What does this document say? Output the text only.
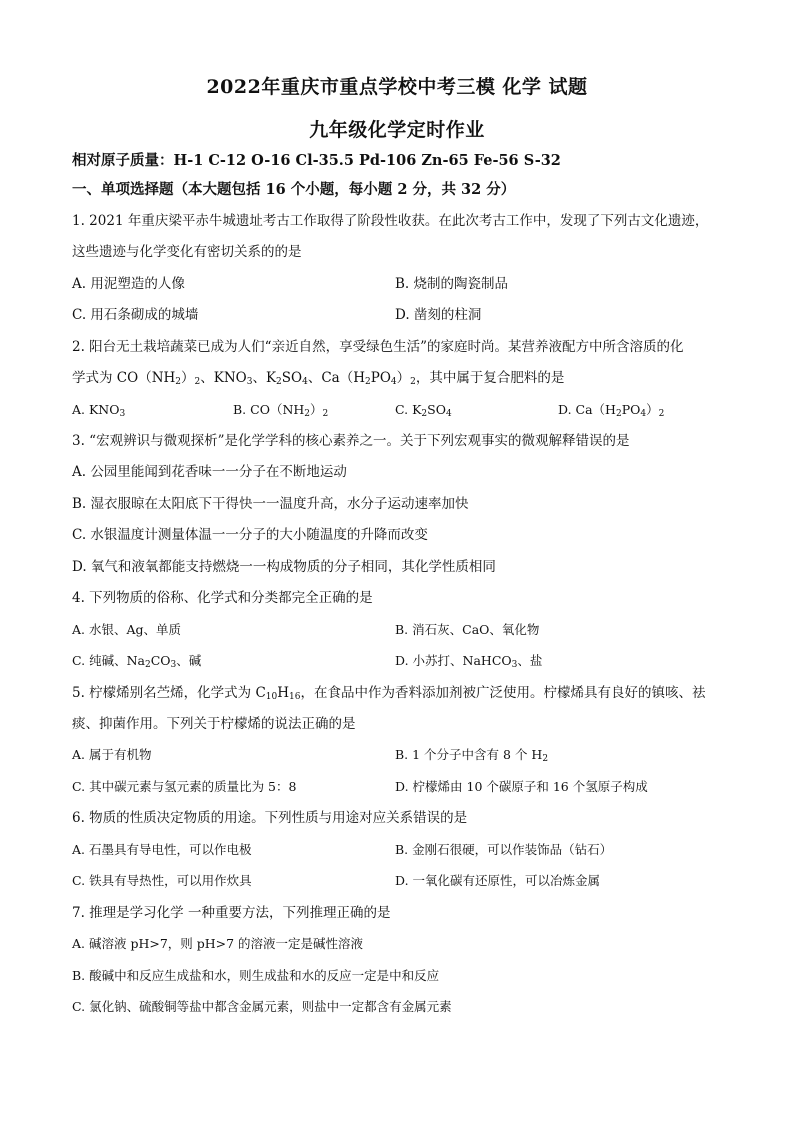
2022年重庆市重点学校中考三模 化学 试题
九年级化学定时作业
相对原子质量：H-1 C-12 O-16 Cl-35.5 Pd-106 Zn-65 Fe-56 S-32
一、单项选择题（本大题包括 16 个小题，每小题 2 分，共 32 分）
1. 2021 年重庆梁平赤牛城遗址考古工作取得了阶段性收获。在此次考古工作中，发现了下列古文化遗迹，
这些遗迹与化学变化有密切关系的的是
A. 用泥塑造的人像	B. 烧制的陶瓷制品
C. 用石条砌成的城墙	D. 凿刻的柱洞
2. 阳台无土栽培蔬菜已成为人们“亲近自然，享受绿色生活”的家庭时尚。某营养液配方中所含溶质的化
学式为 $CO(NH_2)_2$、$KNO_3$、$K_2SO_4$、$Ca(H_2PO_4)_2$，其中属于复合肥料的是
A. $KNO_3$	B. $CO(NH_2)_2$	C. $K_2SO_4$	D. $Ca(H_2PO_4)_2$
3. “宏观辨识与微观探析”是化学学科的核心素养之一。关于下列宏观事实的微观解释错误的是
A. 公园里能闻到花香味一一分子在不断地运动
B. 湿衣服晾在太阳底下干得快一一温度升高，水分子运动速率加快
C. 水银温度计测量体温一一分子的大小随温度的升降而改变
D. 氧气和液氧都能支持燃烧一一构成物质的分子相同，其化学性质相同
4. 下列物质的俗称、化学式和分类都完全正确的是
A. 水银、Ag、单质	B. 消石灰、CaO、氧化物
C. 纯碱、$Na_2CO_3$、碱	D. 小苏打、NaHCO$_3$、盐
5. 柠檬烯别名苎烯，化学式为 $C_{10}H_{16}$，在食品中作为香料添加剂被广泛使用。柠檬烯具有良好的镇咳、祛
痰、抑菌作用。下列关于柠檬烯的说法正确的是
A. 属于有机物	B. 1 个分子中含有 8 个 $H_2$
C. 其中碳元素与氢元素的质量比为 5：8	D. 柠檬烯由 10 个碳原子和 16 个氢原子构成
6. 物质的性质决定物质的用途。下列性质与用途对应关系错误的是
A. 石墨具有导电性，可以作电极	B. 金刚石很硬，可以作装饰品（钻石）
C. 铁具有导热性，可以用作炊具	D. 一氧化碳有还原性，可以冶炼金属
7. 推理是学习化学 一种重要方法，下列推理正确的是
A. 碱溶液 pH>7，则 pH>7 的溶液一定是碱性溶液
B. 酸碱中和反应生成盐和水，则生成盐和水的反应一定是中和反应
C. 氯化钠、硫酸铜等盐中都含金属元素，则盐中一定都含有金属元素
